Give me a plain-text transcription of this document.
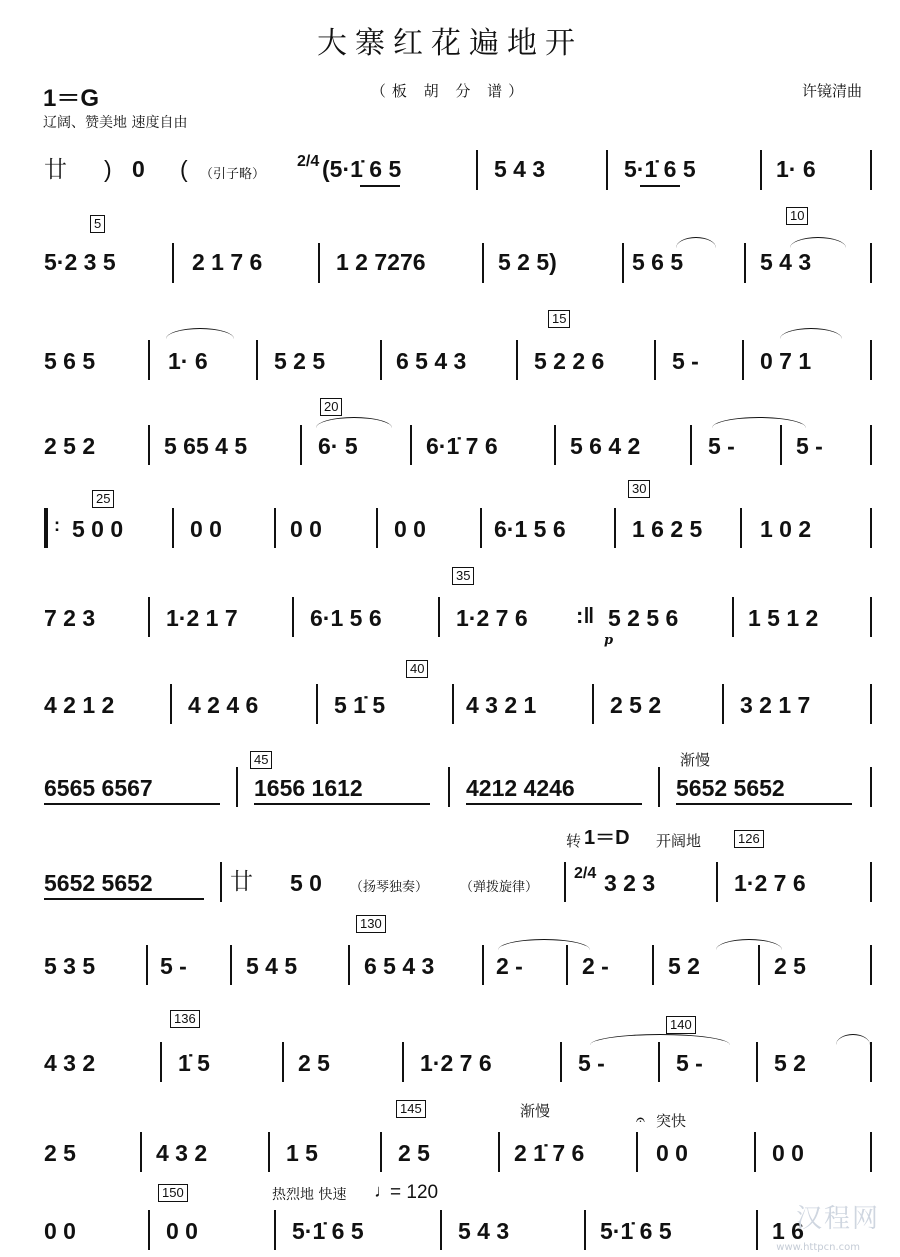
大寨红花遍地开
1＝G	（板 胡 分 谱）	许镜清曲
辽阔、赞美地 速度自由
廿 ) 0 ( （引子略）
2/4 (5·1̇ 6 5	5 4 3	5·1̇ 6 5	1· 6
5
10
5·2 3 5	2 1 7 6	1 2 7276	5 2 5)	5 6 5	5 4 3
15
5 6 5	1· 6	5 2 5	6 5 4 3	5 2 2 6	5 -	0 7 1
20
2 5 2	5 65 4 5	6· 5	6·1̇ 7 6	5 6 4 2	5 -	5 -
25
30
: 5 0 0	0 0	0 0	0 0	6·1 5 6	1 6 2 5	1 0 2
35
7 2 3	1·2 1 7	6·1 5 6	1·2 7 6 :‖ 5 2 5 6
p
1 5 1 2
40
4 2 1 2	4 2 4 6	5 1̇ 5	4 3 2 1	2 5 2	3 2 1 7
45	渐慢
6565 6567	1656 1612	4212 4246	5652 5652
转 1＝D 开阔地	126
5652 5652	廿 5 0 （扬琴独奏） （弹拨旋律）
2/4 3 2 3	1·2 7 6
130
5 3 5	5 -	5 4 5	6 5 4 3	2 -	2 -	5 2	2 5
136	140
4 3 2	1̇ 5	2 5	1·2 7 6	5 -	5 -	5 2
145	渐慢	𝄐 突快
2 5	4 3 2	1 5	2 5	2 1̇ 7 6	0 0	0 0
150	热烈地 快速 ♩
= 120
0 0	0 0	5·1̇ 6 5	5 4 3	5·1̇ 6 5	1 6
汉程网
www.httpcn.com
